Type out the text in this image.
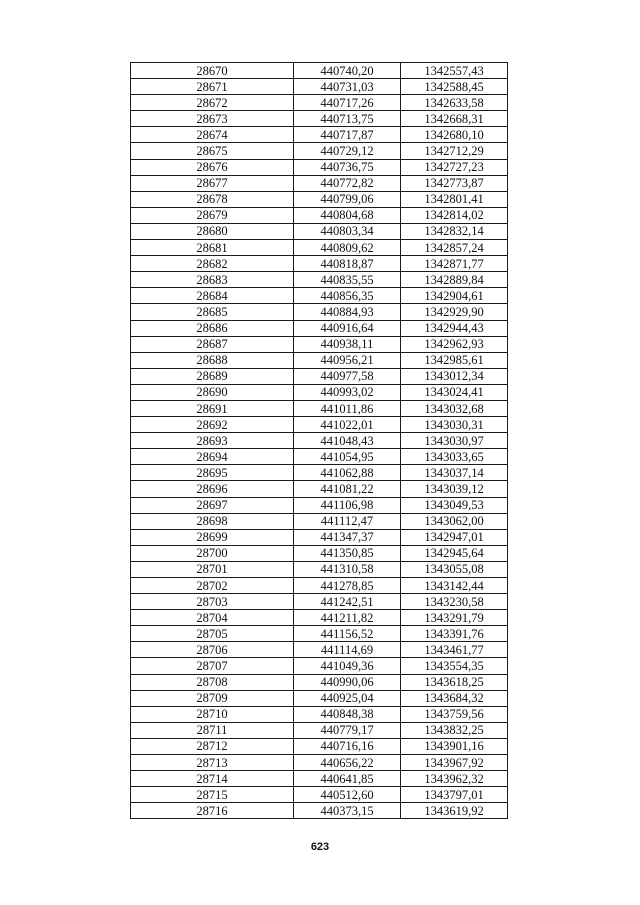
28670	440740,20	1342557,43
28671	440731,03	1342588,45
28672	440717,26	1342633,58
28673	440713,75	1342668,31
28674	440717,87	1342680,10
28675	440729,12	1342712,29
28676	440736,75	1342727,23
28677	440772,82	1342773,87
28678	440799,06	1342801,41
28679	440804,68	1342814,02
28680	440803,34	1342832,14
28681	440809,62	1342857,24
28682	440818,87	1342871,77
28683	440835,55	1342889,84
28684	440856,35	1342904,61
28685	440884,93	1342929,90
28686	440916,64	1342944,43
28687	440938,11	1342962,93
28688	440956,21	1342985,61
28689	440977,58	1343012,34
28690	440993,02	1343024,41
28691	441011,86	1343032,68
28692	441022,01	1343030,31
28693	441048,43	1343030,97
28694	441054,95	1343033,65
28695	441062,88	1343037,14
28696	441081,22	1343039,12
28697	441106,98	1343049,53
28698	441112,47	1343062,00
28699	441347,37	1342947,01
28700	441350,85	1342945,64
28701	441310,58	1343055,08
28702	441278,85	1343142,44
28703	441242,51	1343230,58
28704	441211,82	1343291,79
28705	441156,52	1343391,76
28706	441114,69	1343461,77
28707	441049,36	1343554,35
28708	440990,06	1343618,25
28709	440925,04	1343684,32
28710	440848,38	1343759,56
28711	440779,17	1343832,25
28712	440716,16	1343901,16
28713	440656,22	1343967,92
28714	440641,85	1343962,32
28715	440512,60	1343797,01
28716	440373,15	1343619,92
623
